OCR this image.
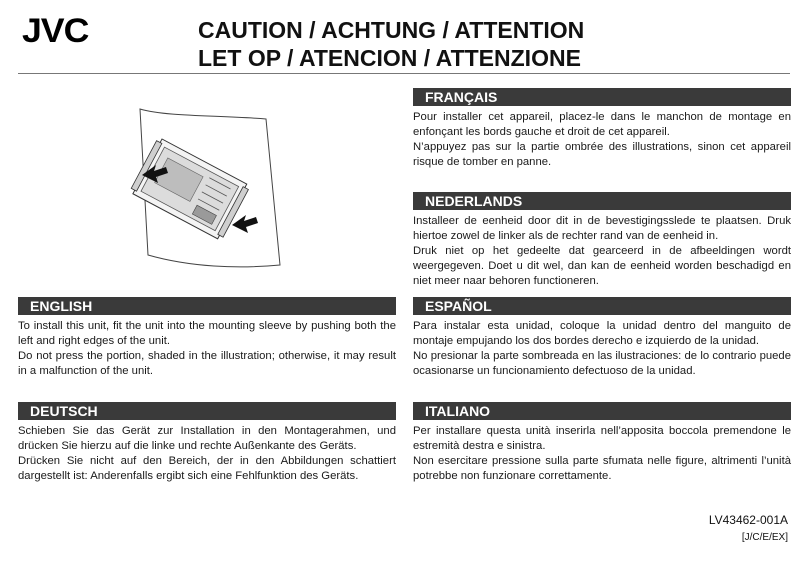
JVC	CAUTION / ACHTUNG / ATTENTION
LET OP / ATENCION / ATTENZIONE
FRANÇAIS

Pour installer cet appareil, placez-le dans le manchon de montage en enfonçant les bords gauche et droit de cet appareil.

N’appuyez pas sur la partie ombrée des illustrations, sinon cet appareil risque de tomber en panne.

NEDERLANDS

Installeer de eenheid door dit in de bevestigingsslede te plaatsen. Druk hiertoe zowel de linker als de rechter rand van de eenheid in.

Druk niet op het gedeelte dat gearceerd in de afbeeldingen wordt weergegeven. Doet u dit wel, dan kan de eenheid worden beschadigd en niet meer naar behoren functioneren.

ENGLISH

To install this unit, fit the unit into the mounting sleeve by pushing both the left and right edges of the unit.

Do not press the portion, shaded in the illustration; otherwise, it may result in a malfunction of the unit.

ESPAÑOL

Para instalar esta unidad, coloque la unidad dentro del manguito de montaje empujando los dos bordes derecho e izquierdo de la unidad.

No presionar la parte sombreada en las ilustraciones: de lo contrario puede ocasionarse un funcionamiento defectuoso de la unidad.

DEUTSCH

Schieben Sie das Gerät zur Installation in den Montagerahmen, und drücken Sie hierzu auf die linke und rechte Außenkante des Geräts.

Drücken Sie nicht auf den Bereich, der in den Abbildungen schattiert dargestellt ist: Anderenfalls ergibt sich eine Fehlfunktion des Geräts.

ITALIANO

Per installare questa unità inserirla nell’apposita boccola premendone le estremità destra e sinistra.

Non esercitare pressione sulla parte sfumata nelle figure, altrimenti l’unità potrebbe non funzionare correttamente.

LV43462-001A
[J/C/E/EX]
